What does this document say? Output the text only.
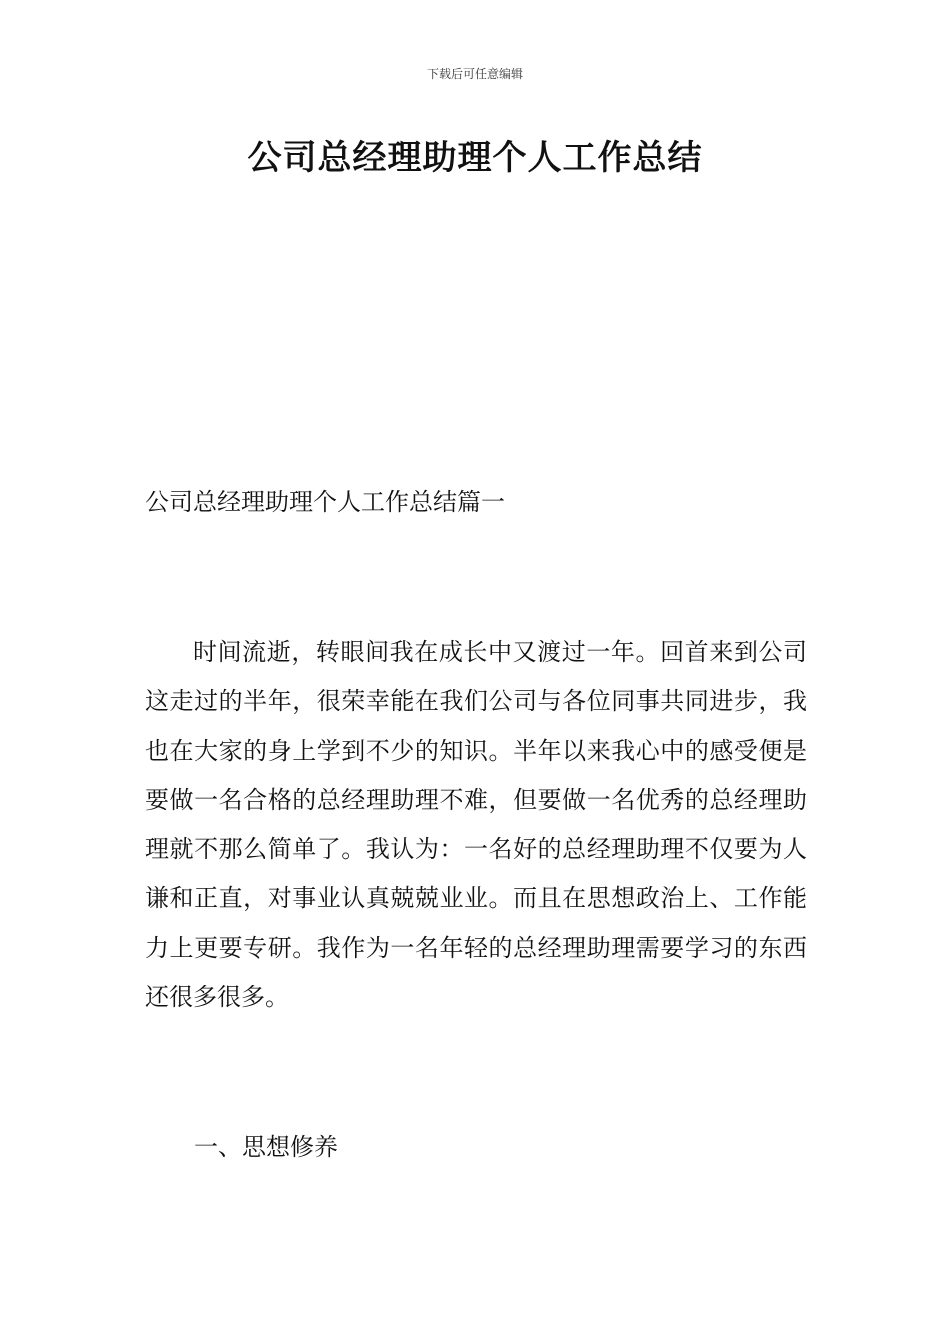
下载后可任意编辑
公司总经理助理个人工作总结
公司总经理助理个人工作总结篇一

时间流逝，转眼间我在成长中又渡过一年。回首来到公司这走过的半年，很荣幸能在我们公司与各位同事共同进步，我也在大家的身上学到不少的知识。半年以来我心中的感受便是要做一名合格的总经理助理不难，但要做一名优秀的总经理助理就不那么简单了。我认为：一名好的总经理助理不仅要为人谦和正直，对事业认真兢兢业业。而且在思想政治上、工作能力上更要专研。我作为一名年轻的总经理助理需要学习的东西还很多很多。

一、思想修养
